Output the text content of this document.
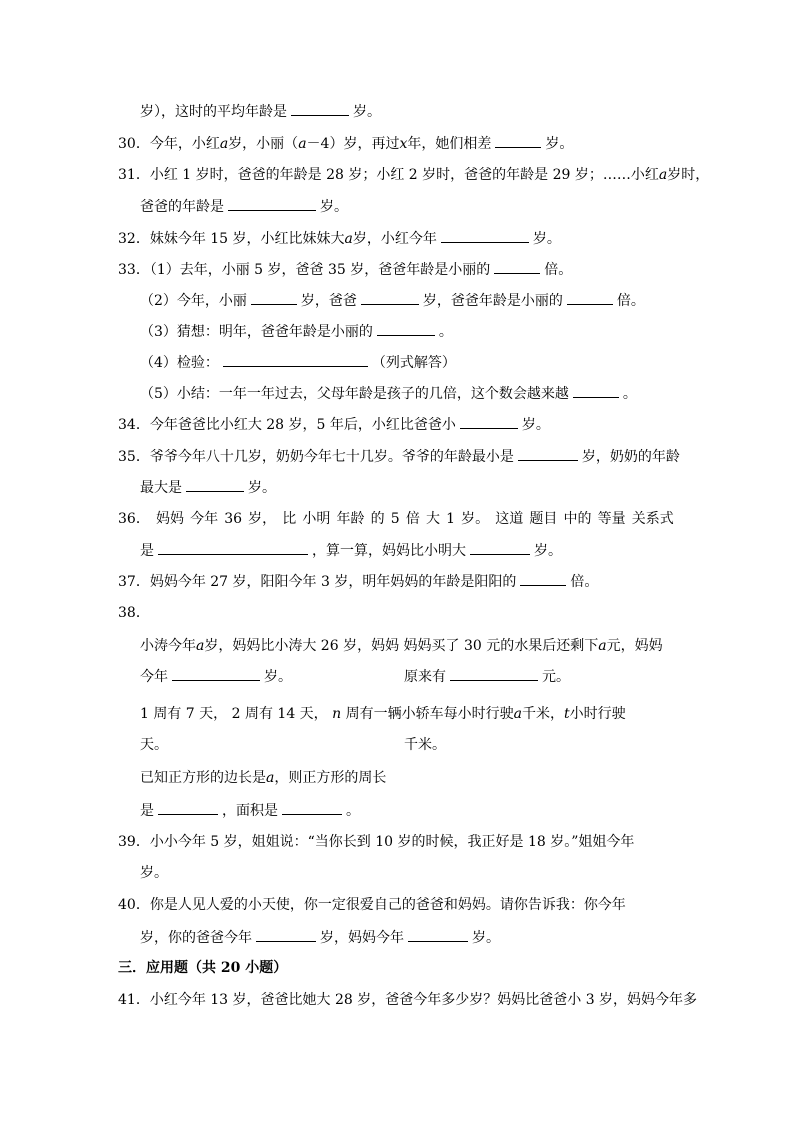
岁），这时的平均年龄是	岁。
30．今年，小红a岁，小丽（a－4）岁，再过x年，她们相差	岁。
31．小红 1 岁时，爸爸的年龄是 28 岁；小红 2 岁时，爸爸的年龄是 29 岁；……小红a岁时，
爸爸的年龄是	岁。
32．妹妹今年 15 岁，小红比妹妹大a岁，小红今年	岁。
33．（1）去年，小丽 5 岁，爸爸 35 岁，爸爸年龄是小丽的	倍。
（2）今年，小丽	岁，爸爸	岁，爸爸年龄是小丽的	倍。
（3）猜想：明年，爸爸年龄是小丽的	。
（4）检验：	（列式解答）
（5）小结：一年一年过去，父母年龄是孩子的几倍，这个数会越来越	。
34．今年爸爸比小红大 28 岁，5 年后，小红比爸爸小	岁。
35．爷爷今年八十几岁，奶奶今年七十几岁。爷爷的年龄最小是	岁，奶奶的年龄
最大是	岁。
36． 妈妈 今年 36 岁， 比 小明 年龄 的 5 倍 大 1 岁。 这道 题目 中的 等量 关系式
是	，算一算，妈妈比小明大	岁。
37．妈妈今年 27 岁，阳阳今年 3 岁，明年妈妈的年龄是阳阳的	倍。
38．
小涛今年a岁，妈妈比小涛大 26 岁，妈妈 妈妈买了 30 元的水果后还剩下a元，妈妈
今年	岁。	原来有	元。
1 周有 7 天， 2 周有 14 天， n 周有一辆小轿车每小时行驶a千米，t小时行驶
天。	千米。
已知正方形的边长是a，则正方形的周长
是	，面积是	。
39．小小今年 5 岁，姐姐说：“当你长到 10 岁的时候，我正好是 18 岁。”姐姐今年
岁。
40．你是人见人爱的小天使，你一定很爱自己的爸爸和妈妈。请你告诉我：你今年
岁，你的爸爸今年	岁，妈妈今年	岁。
三．应用题（共 20 小题）
41．小红今年 13 岁，爸爸比她大 28 岁，爸爸今年多少岁？妈妈比爸爸小 3 岁，妈妈今年多
